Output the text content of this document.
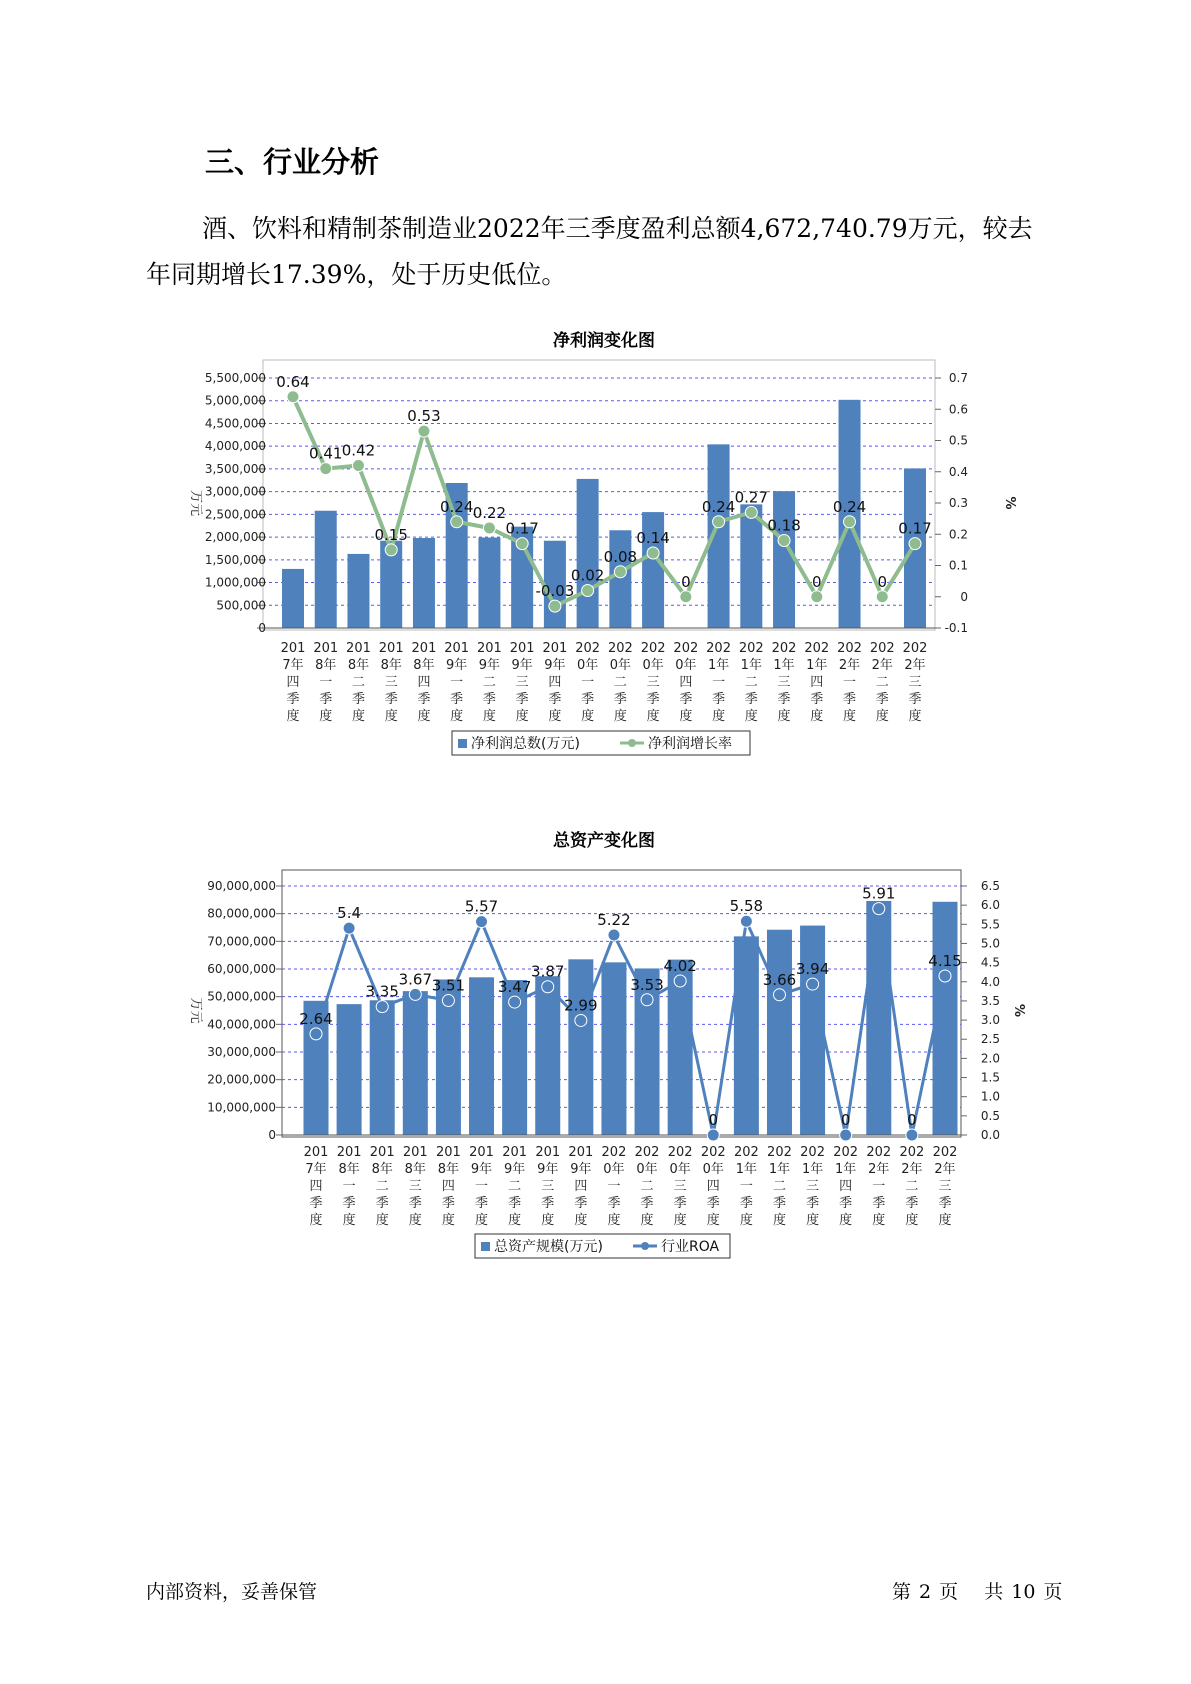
三、行业分析
酒、饮料和精制茶制造业2022年三季度盈利总额4,672,740.79万元，较去年同期增长17.39%，处于历史低位。
净利润变化图
0
500,000
1,000,000
1,500,000
2,000,000
2,500,000
3,000,000
3,500,000
4,000,000
4,500,000
5,000,000
5,500,000
-0.1
0
0.1
0.2
0.3
0.4
0.5
0.6
0.7
万元	%
0.64
0.41 0.42
0.15
0.53
0.24 0.22
0.17
-0.03
0.02
0.08
0.14
0
0.24
0.27
0.18
0
0.24
0
0.17
201
7年
四
季
度
201
8年
一
季
度
201
8年
二
季
度
201
8年
三
季
度
201
8年
四
季
度
201
9年
一
季
度
201
9年
二
季
度
201
9年
三
季
度
201
9年
四
季
度
202
0年
一
季
度
202
0年
二
季
度
202
0年
三
季
度
202
0年
四
季
度
202
1年
一
季
度
202
1年
二
季
度
202
1年
三
季
度
202
1年
四
季
度
202
2年
一
季
度
202
2年
二
季
度
202
2年
三
季
度
净利润总数(万元)	净利润增长率
总资产变化图
0
10,000,000
20,000,000
30,000,000
40,000,000
50,000,000
60,000,000
70,000,000
80,000,000
90,000,000
0.0
0.5
1.0
1.5
2.0
2.5
3.0
3.5
4.0
4.5
5.0
5.5
6.0
6.5
万元	%
2.64
5.4
3.35
3.67 3.51
5.57
3.47
3.87
2.99
5.22
3.53
4.02
0
5.58
3.66
3.94
0
5.91
0
4.15
201
7年
四
季
度
201
8年
一
季
度
201
8年
二
季
度
201
8年
三
季
度
201
8年
四
季
度
201
9年
一
季
度
201
9年
二
季
度
201
9年
三
季
度
201
9年
四
季
度
202
0年
一
季
度
202
0年
二
季
度
202
0年
三
季
度
202
0年
四
季
度
202
1年
一
季
度
202
1年
二
季
度
202
1年
三
季
度
202
1年
四
季
度
202
2年
一
季
度
202
2年
二
季
度
202
2年
三
季
度
总资产规模(万元)	行业ROA
内部资料，妥善保管	第 2 页 共 10 页
